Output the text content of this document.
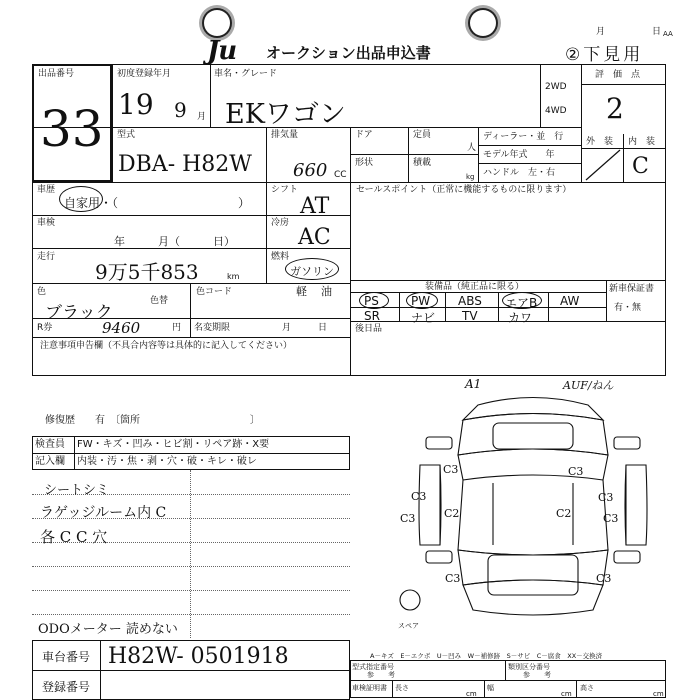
Ju オークション出品申込書
月	日 AA
②下見用
出品番号
33
初度登録年月
19 9 月
車名・グレード
EKワゴン
2WD
4WD
評　価　点
2
外　装 内　装
C
型式
DBA- H82W
排気量
660 CC
ドア	定員
人
形状	積載
kg
ディーラー・並　行
モデル年式　　年
ハンドル　左・右
車歴
自家用・（　　　　　　　　　　）
シフト
AT
セールスポイント（正常に機能するものに限ります）
車検
年　　　月（　　　日）
冷房
AC
走行
9万5千853	km
燃料
ガソリン
軽 油
色
ブラック
色替
色コード
R券	9460	円 名変期限	月　　　日
装備品（純正品に限る）	新車保証書
有・無
PS	PW ABS エアB AW
SR	ナビ TV	カワ
後日品
注意事項申告欄（不具合内容等は具体的に記入してください）
修復歴　　有　〔箇所　　　　　　　　　　　〕
検査員 FW・キズ・凹み・ヒビ割・リペア跡・X要
記入欄 内装・汚・焦・剥・穴・破・キレ・破レ
シートシミ
ラゲッジルーム内 C
各 C C 穴
ODOメーター 読めない
車台番号 H82W- 0501918
登録番号
A1	AUF/ねん
C3
C2	C2
C3	C3
C3	C3
C3
C3
C3
スペア
A－キズ　E－エクボ　U－凹み　W－補修跡　S－サビ　C－腐食　XX－交換済
型式指定番号
参　　考
類別区分番号
参　　考
車検証明書 長さ
cm
幅
cm
高さ
cm
